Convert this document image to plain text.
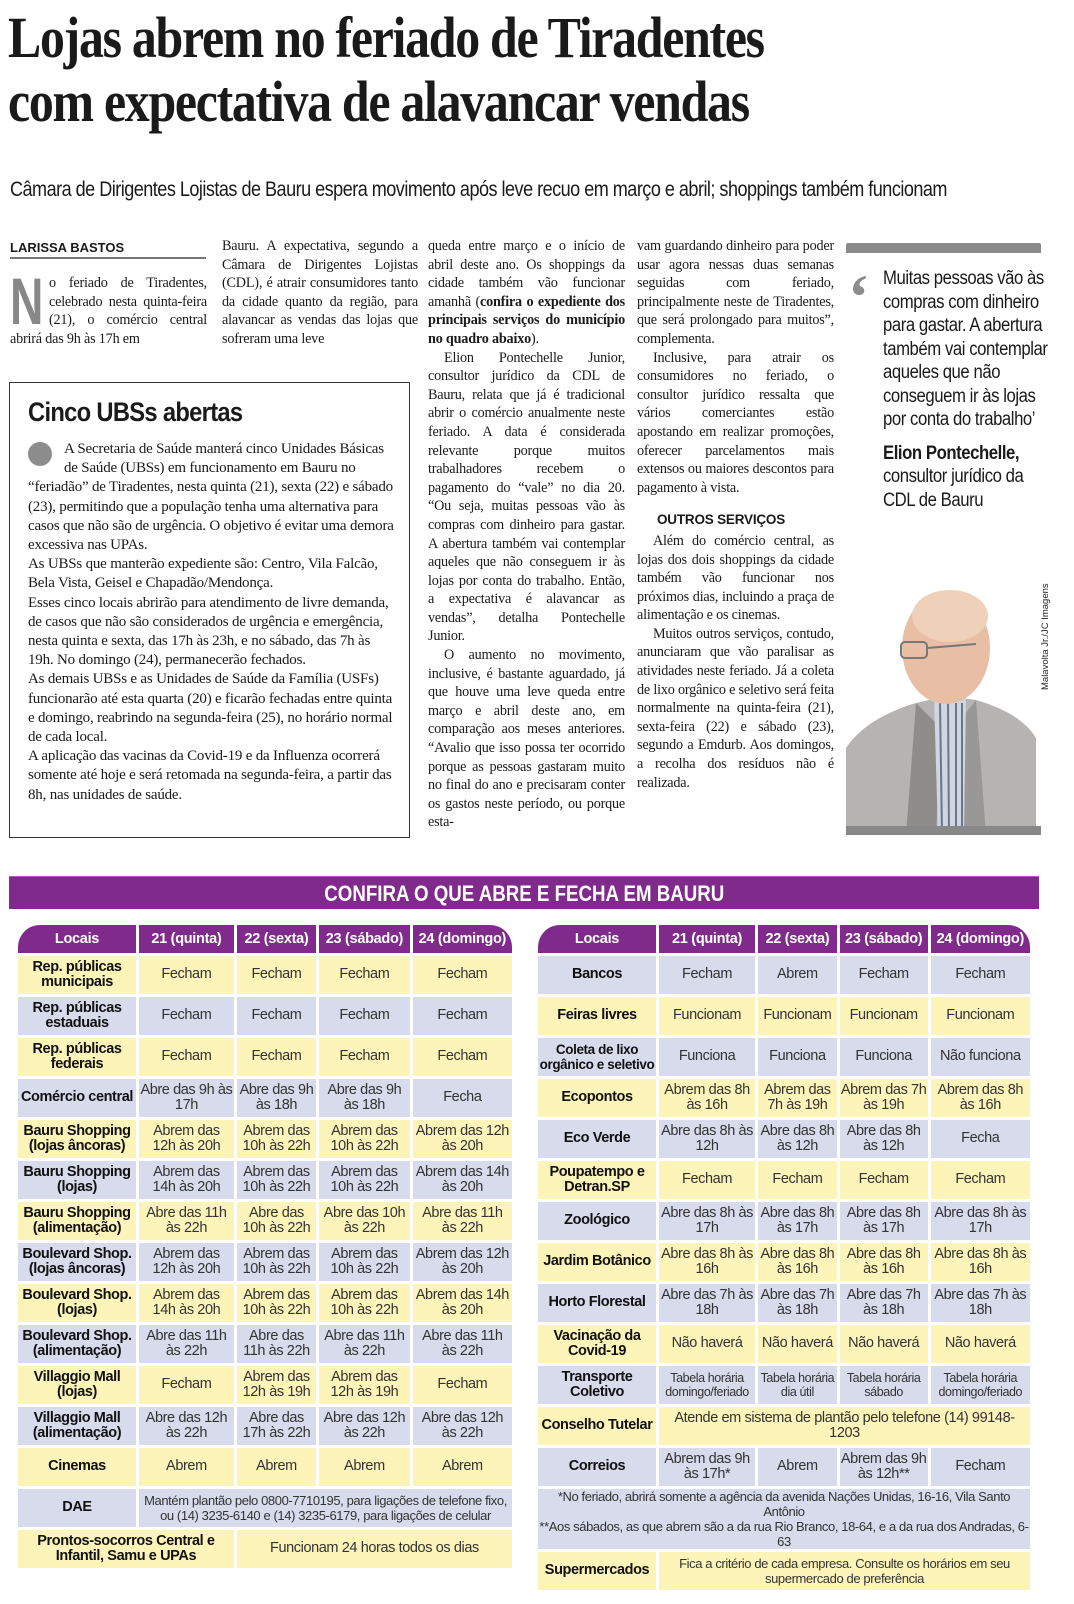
Lojas abrem no feriado de Tiradentes
com expectativa de alavancar vendas
Câmara de Dirigentes Lojistas de Bauru espera movimento após leve recuo em março e abril; shoppings também funcionam
LARISSA BASTOS

No feriado de Tiradentes, celebrado nesta quinta-feira (21), o comércio central abrirá das 9h às 17h em

Bauru. A expectativa, segundo a Câmara de Dirigentes Lojistas (CDL), é atrair consumidores tanto da cidade quanto da região, para alavancar as vendas das lojas que sofreram uma leve

queda entre março e o início de abril deste ano. Os shoppings da cidade também vão funcionar amanhã (confira o expediente dos principais serviços do município no quadro abaixo).

Elion Pontechelle Junior, consultor jurídico da CDL de Bauru, relata que já é tradicional abrir o comércio anualmente neste feriado. A data é considerada relevante porque muitos trabalhadores recebem o pagamento do “vale” no dia 20. “Ou seja, muitas pessoas vão às compras com dinheiro para gastar. A abertura também vai contemplar aqueles que não conseguem ir às lojas por conta do trabalho. Então, a expectativa é alavancar as vendas”, detalha Pontechelle Junior.

O aumento no movimento, inclusive, é bastante aguardado, já que houve uma leve queda entre março e abril deste ano, em comparação aos meses anteriores. “Avalio que isso possa ter ocorrido porque as pessoas gastaram muito no final do ano e precisaram conter os gastos neste período, ou porque esta-

vam guardando dinheiro para poder usar agora nessas duas semanas seguidas com feriado, principalmente neste de Tiradentes, que será prolongado para muitos”, complementa.

Inclusive, para atrair os consumidores no feriado, o consultor jurídico ressalta que vários comerciantes estão apostando em realizar promoções, oferecer parcelamentos mais extensos ou maiores descontos para pagamento à vista.

OUTROS SERVIÇOS

Além do comércio central, as lojas dos dois shoppings da cidade também vão funcionar nos próximos dias, incluindo a praça de alimentação e os cinemas.

Muitos outros serviços, contudo, anunciaram que vão paralisar as atividades neste feriado. Já a coleta de lixo orgânico e seletivo será feita normalmente na quinta-feira (21), sexta-feira (22) e sábado (23), segundo a Emdurb. Aos domingos, a recolha dos resíduos não é realizada.

Cinco UBSs abertas

A Secretaria de Saúde manterá cinco Unidades Básicas de Saúde (UBSs) em funcionamento em Bauru no “feriadão” de Tiradentes, nesta quinta (21), sexta (22) e sábado (23), permitindo que a população tenha uma alternativa para casos que não são de urgência. O objetivo é evitar uma demora excessiva nas UPAs.

As UBSs que manterão expediente são: Centro, Vila Falcão, Bela Vista, Geisel e Chapadão/Mendonça.

Esses cinco locais abrirão para atendimento de livre demanda, de casos que não são considerados de urgência e emergência, nesta quinta e sexta, das 17h às 23h, e no sábado, das 7h às 19h. No domingo (24), permanecerão fechados.

As demais UBSs e as Unidades de Saúde da Família (USFs) funcionarão até esta quarta (20) e ficarão fechadas entre quinta e domingo, reabrindo na segunda-feira (25), no horário normal de cada local.

A aplicação das vacinas da Covid-19 e da Influenza ocorrerá somente até hoje e será retomada na segunda-feira, a partir das 8h, nas unidades de saúde.

‘ Muitas pessoas vão às compras com dinheiro para gastar. A abertura também vai contemplar aqueles que não conseguem ir às lojas por conta do trabalho’
Elion Pontechelle,
consultor jurídico da CDL de Bauru
Malavolta Jr./JC Imagens
CONFIRA O QUE ABRE E FECHA EM BAURU
Locais	21 (quinta)	22 (sexta)	23 (sábado)	24 (domingo)
Rep. públicas municipais	Fecham	Fecham	Fecham	Fecham
Rep. públicas estaduais	Fecham	Fecham	Fecham	Fecham
Rep. públicas federais	Fecham	Fecham	Fecham	Fecham
Comércio central	Abre das 9h às 17h	Abre das 9h às 18h	Abre das 9h às 18h	Fecha
Bauru Shopping (lojas âncoras)	Abrem das 12h às 20h	Abrem das 10h às 22h	Abrem das 10h às 22h	Abrem das 12h às 20h
Bauru Shopping (lojas)	Abrem das 14h às 20h	Abrem das 10h às 22h	Abrem das 10h às 22h	Abrem das 14h às 20h
Bauru Shopping (alimentação)	Abre das 11h às 22h	Abre das 10h às 22h	Abre das 10h às 22h	Abre das 11h às 22h
Boulevard Shop. (lojas âncoras)	Abrem das 12h às 20h	Abrem das 10h às 22h	Abrem das 10h às 22h	Abrem das 12h às 20h
Boulevard Shop. (lojas)	Abrem das 14h às 20h	Abrem das 10h às 22h	Abrem das 10h às 22h	Abrem das 14h às 20h
Boulevard Shop. (alimentação)	Abre das 11h às 22h	Abre das 11h às 22h	Abre das 11h às 22h	Abre das 11h às 22h
Villaggio Mall (lojas)	Fecham	Abrem das 12h às 19h	Abrem das 12h às 19h	Fecham
Villaggio Mall (alimentação)	Abre das 12h às 22h	Abre das 17h às 22h	Abre das 12h às 22h	Abre das 12h às 22h
Cinemas	Abrem	Abrem	Abrem	Abrem
DAE	Mantém plantão pelo 0800-7710195, para ligações de telefone fixo, ou (14) 3235-6140 e (14) 3235-6179, para ligações de celular			
Prontos-socorros Central e Infantil, Samu e UPAs		Funcionam 24 horas todos os dias		
Locais	21 (quinta)	22 (sexta)	23 (sábado)	24 (domingo)
Bancos	Fecham	Abrem	Fecham	Fecham
Feiras livres	Funcionam	Funcionam	Funcionam	Funcionam
Coleta de lixo orgânico e seletivo	Funciona	Funciona	Funciona	Não funciona
Ecopontos	Abrem das 8h às 16h	Abrem das 7h às 19h	Abrem das 7h às 19h	Abrem das 8h às 16h
Eco Verde	Abre das 8h às 12h	Abre das 8h às 12h	Abre das 8h às 12h	Fecha
Poupatempo e Detran.SP	Fecham	Fecham	Fecham	Fecham
Zoológico	Abre das 8h às 17h	Abre das 8h às 17h	Abre das 8h às 17h	Abre das 8h às 17h
Jardim Botânico	Abre das 8h às 16h	Abre das 8h às 16h	Abre das 8h às 16h	Abre das 8h às 16h
Horto Florestal	Abre das 7h às 18h	Abre das 7h às 18h	Abre das 7h às 18h	Abre das 7h às 18h
Vacinação da Covid-19	Não haverá	Não haverá	Não haverá	Não haverá
Transporte Coletivo	Tabela horária domingo/feriado	Tabela horária dia útil	Tabela horária sábado	Tabela horária domingo/feriado
Conselho Tutelar	Atende em sistema de plantão pelo telefone (14) 99148-1203			
Correios	Abrem das 9h às 17h*	Abrem	Abrem das 9h às 12h**	Fecham

*No feriado, abrirá somente a agência da avenida Nações Unidas, 16-16, Vila Santo Antônio
**Aos sábados, as que abrem são a da rua Rio Branco, 18-64, e a da rua dos Andradas, 6-63				

Supermercados	Fica a critério de cada empresa. Consulte os horários em seu supermercado de preferência			
